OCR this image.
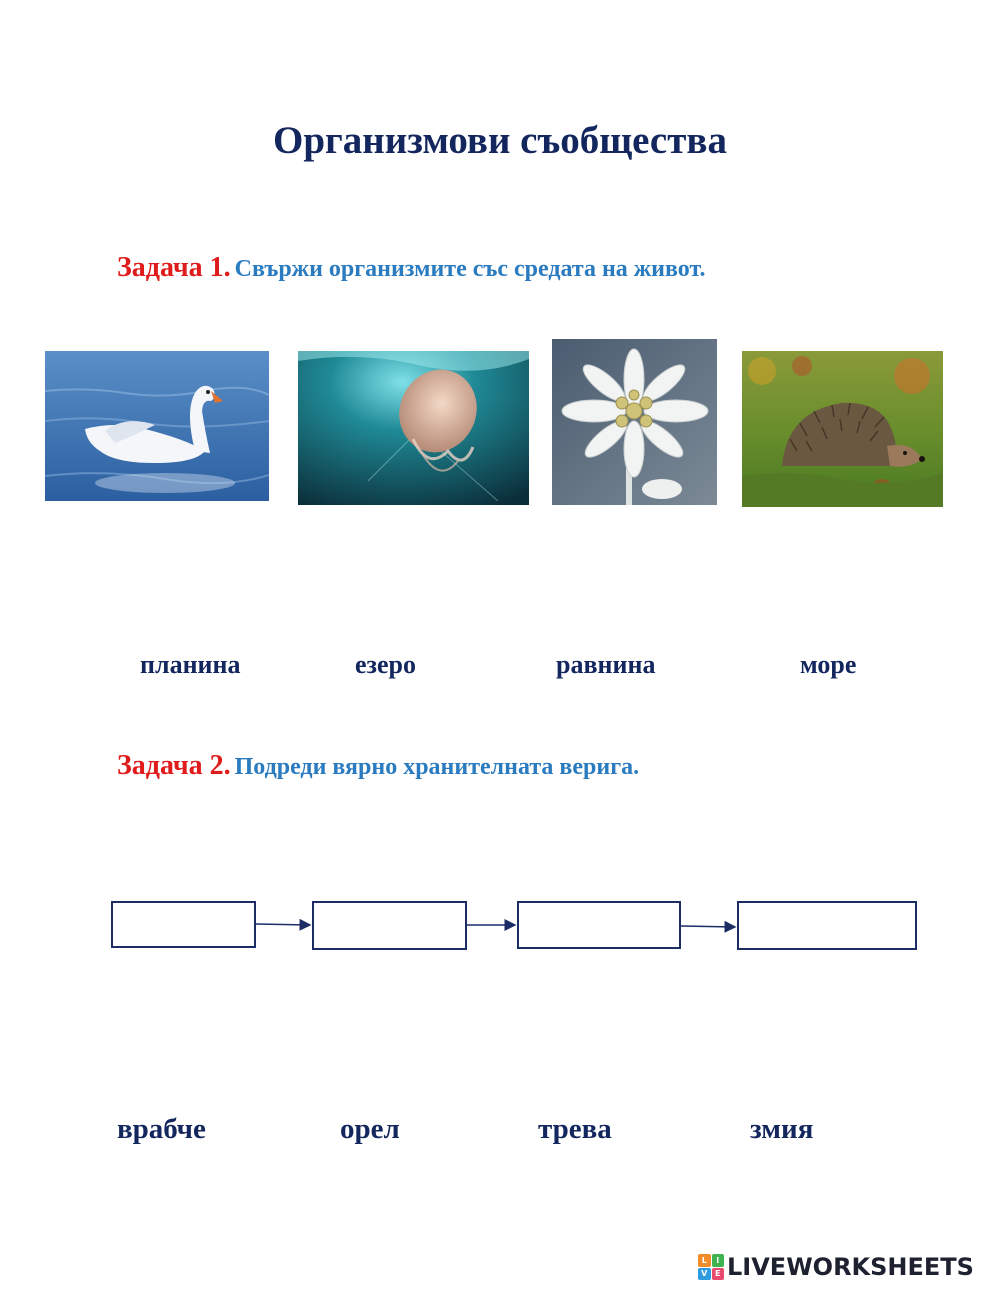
Организмови съобщества
Задача 1. Свържи организмите със средата на живот.
планина	езеро	равнина	море
Задача 2. Подреди вярно хранителната верига.
врабче	орел	трева	змия
L	I
V E LIVEWORKSHEETS
